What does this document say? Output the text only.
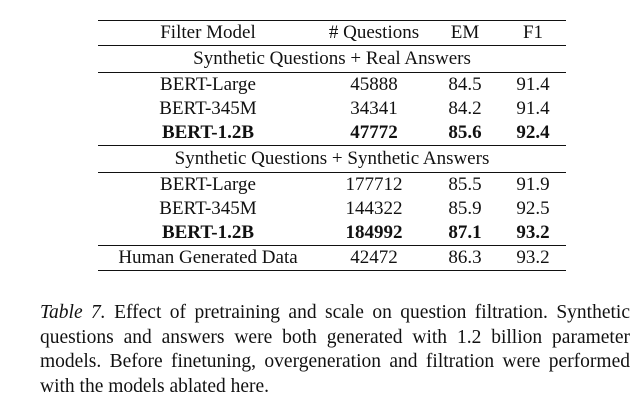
Filter Model	# Questions	EM	F1
Synthetic Questions + Real Answers			
BERT-Large	45888	84.5	91.4
BERT-345M	34341	84.2	91.4
BERT-1.2B	47772	85.6	92.4
Synthetic Questions + Synthetic Answers			
BERT-Large	177712	85.5	91.9
BERT-345M	144322	85.9	92.5
BERT-1.2B	184992	87.1	93.2
Human Generated Data	42472	86.3	93.2
Table 7. Effect of pretraining and scale on question filtration. Synthetic questions and answers were both generated with 1.2 billion parameter models. Before finetuning, overgeneration and filtration were performed with the models ablated here.
